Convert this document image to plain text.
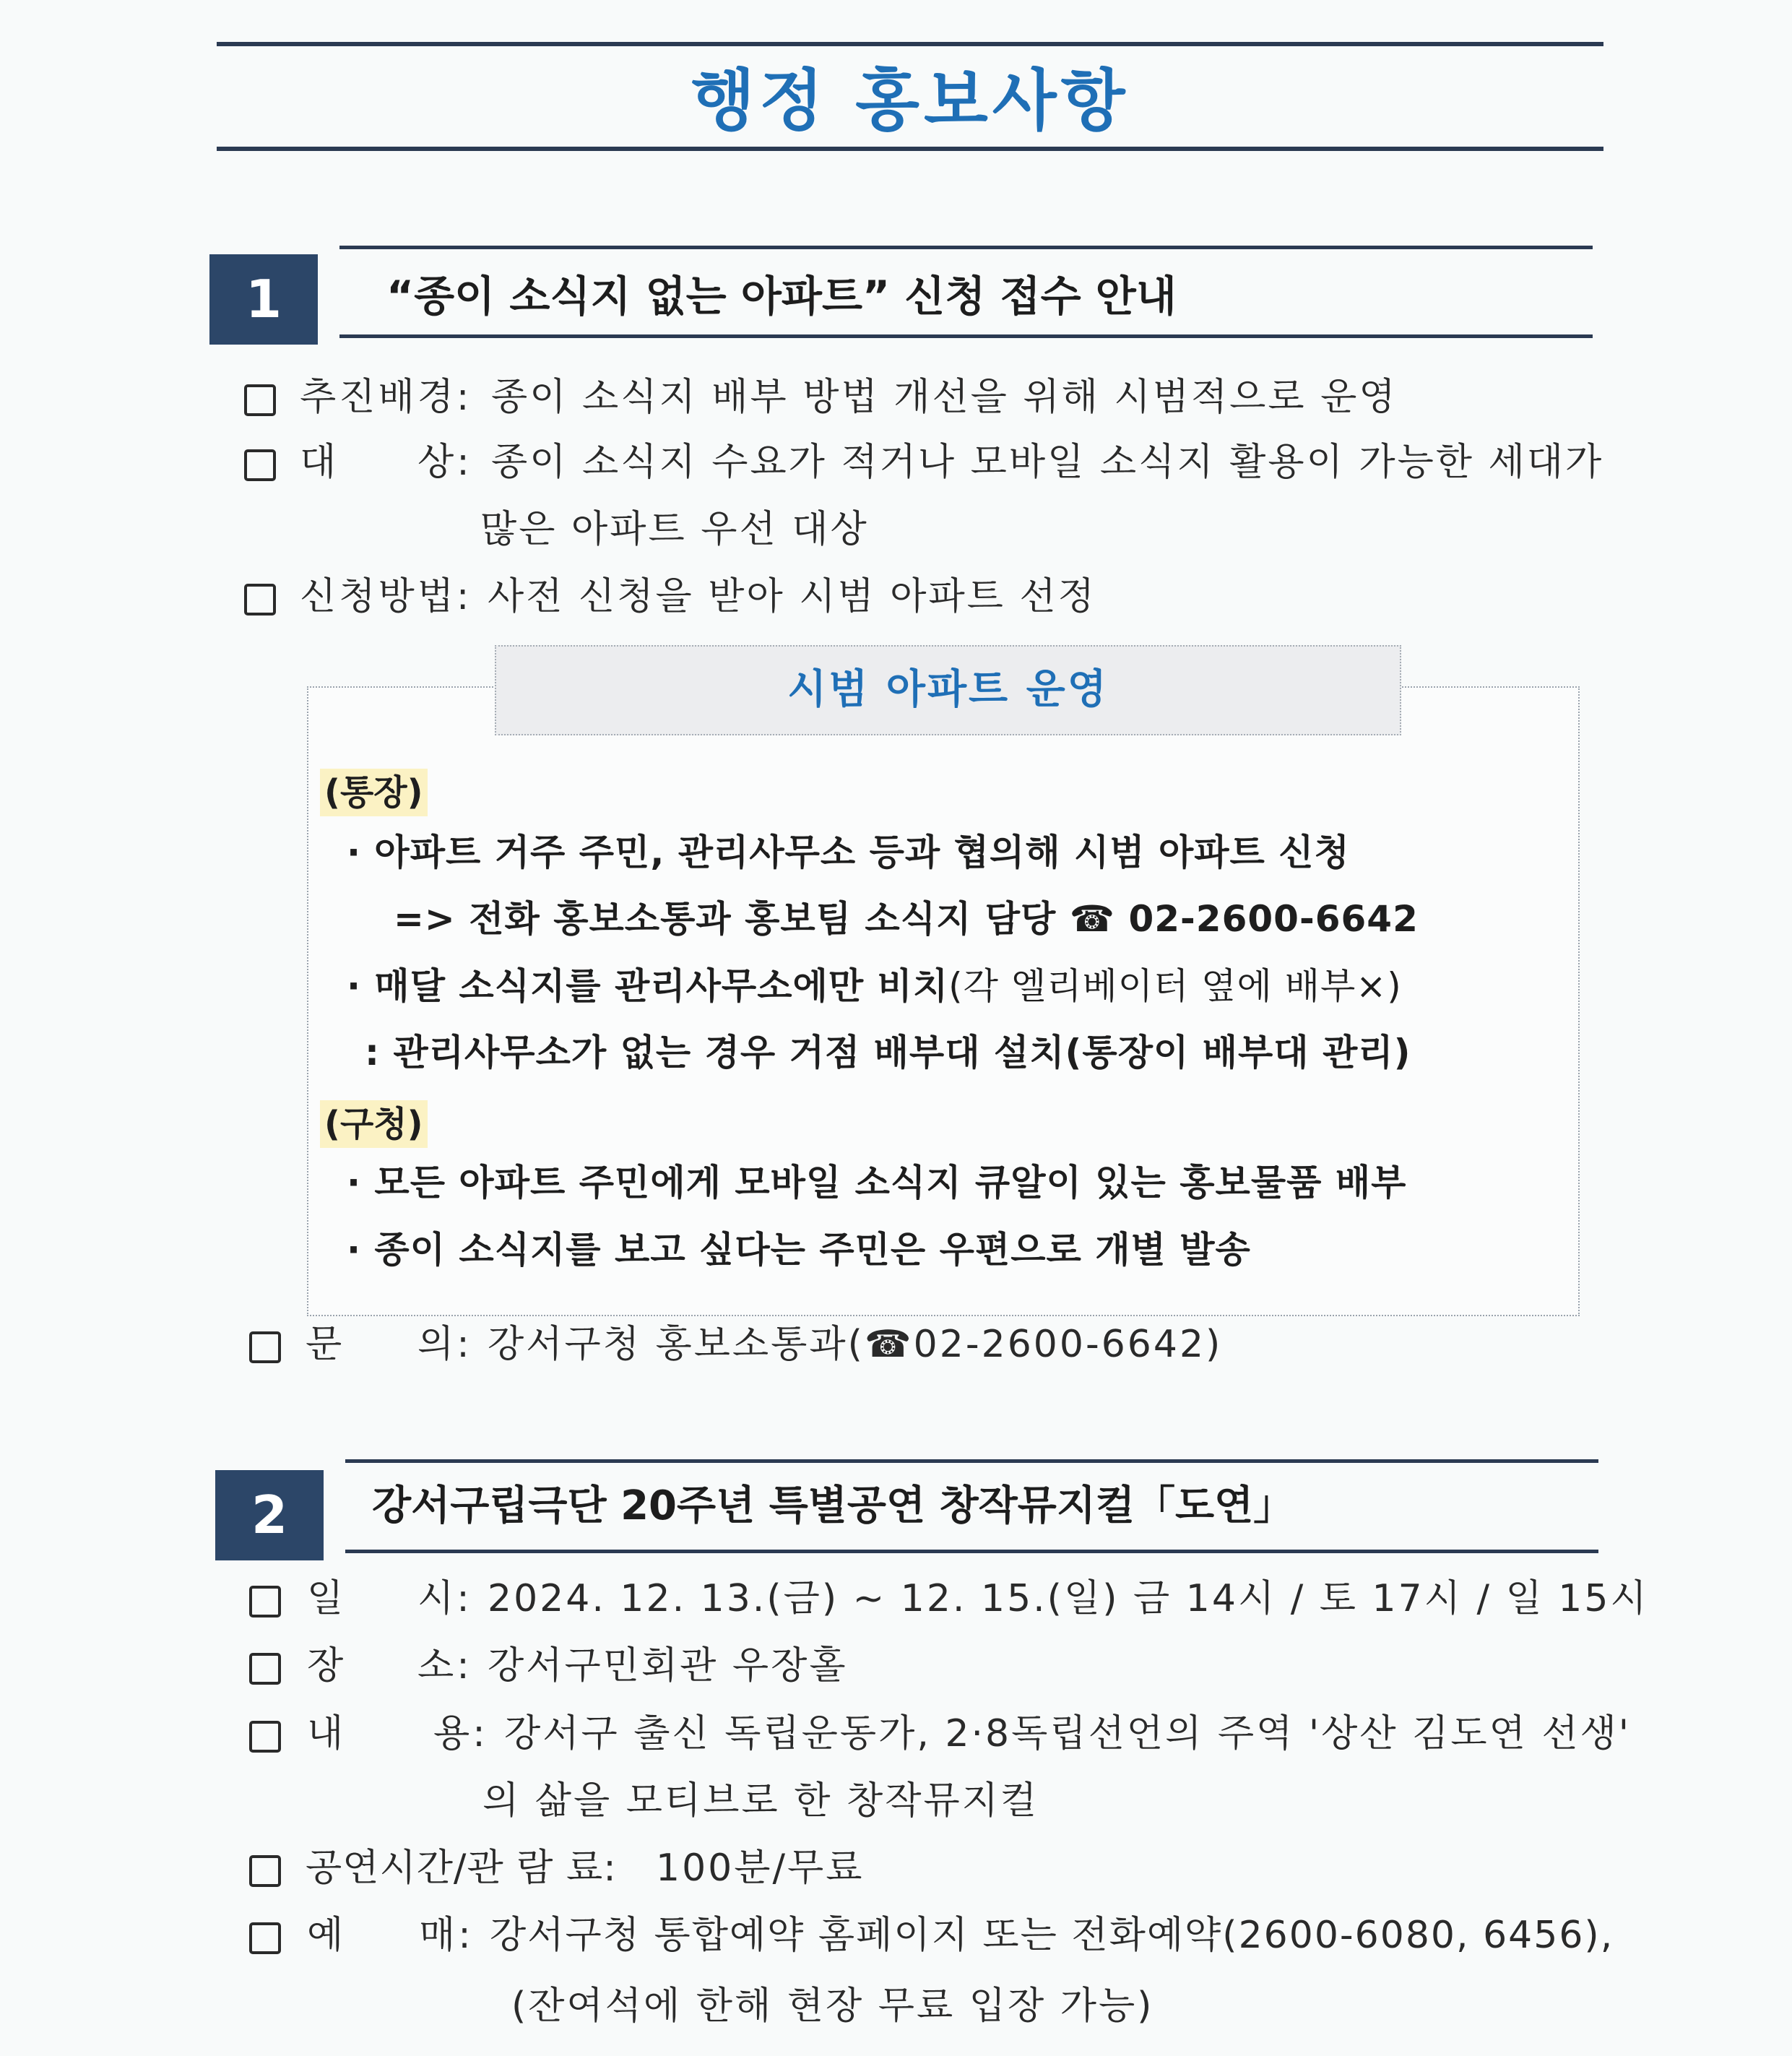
행정 홍보사항
1	“종이 소식지 없는 아파트” 신청 접수 안내
추진배경: 종이 소식지 배부 방법 개선을 위해 시범적으로 운영
대 상: 종이 소식지 수요가 적거나 모바일 소식지 활용이 가능한 세대가
많은 아파트 우선 대상
신청방법: 사전 신청을 받아 시범 아파트 선정
시범 아파트 운영
(통장)
· 아파트 거주 주민, 관리사무소 등과 협의해 시범 아파트 신청
=> 전화 홍보소통과 홍보팀 소식지 담당 ☎ 02-2600-6642
· 매달 소식지를 관리사무소에만 비치(각 엘리베이터 옆에 배부×)
: 관리사무소가 없는 경우 거점 배부대 설치(통장이 배부대 관리)
(구청)
· 모든 아파트 주민에게 모바일 소식지 큐알이 있는 홍보물품 배부
· 종이 소식지를 보고 싶다는 주민은 우편으로 개별 발송
문 의: 강서구청 홍보소통과(☎02-2600-6642)
2	강서구립극단 20주년 특별공연 창작뮤지컬「도연」
일 시: 2024. 12. 13.(금) ~ 12. 15.(일) 금 14시 / 토 17시 / 일 15시
장 소: 강서구민회관 우장홀
내 용: 강서구 출신 독립운동가, 2·8독립선언의 주역 '상산 김도연 선생'
의 삶을 모티브로 한 창작뮤지컬
공연시간/관 람 료: 100분/무료
예 매: 강서구청 통합예약 홈페이지 또는 전화예약(2600-6080, 6456),
(잔여석에 한해 현장 무료 입장 가능)
